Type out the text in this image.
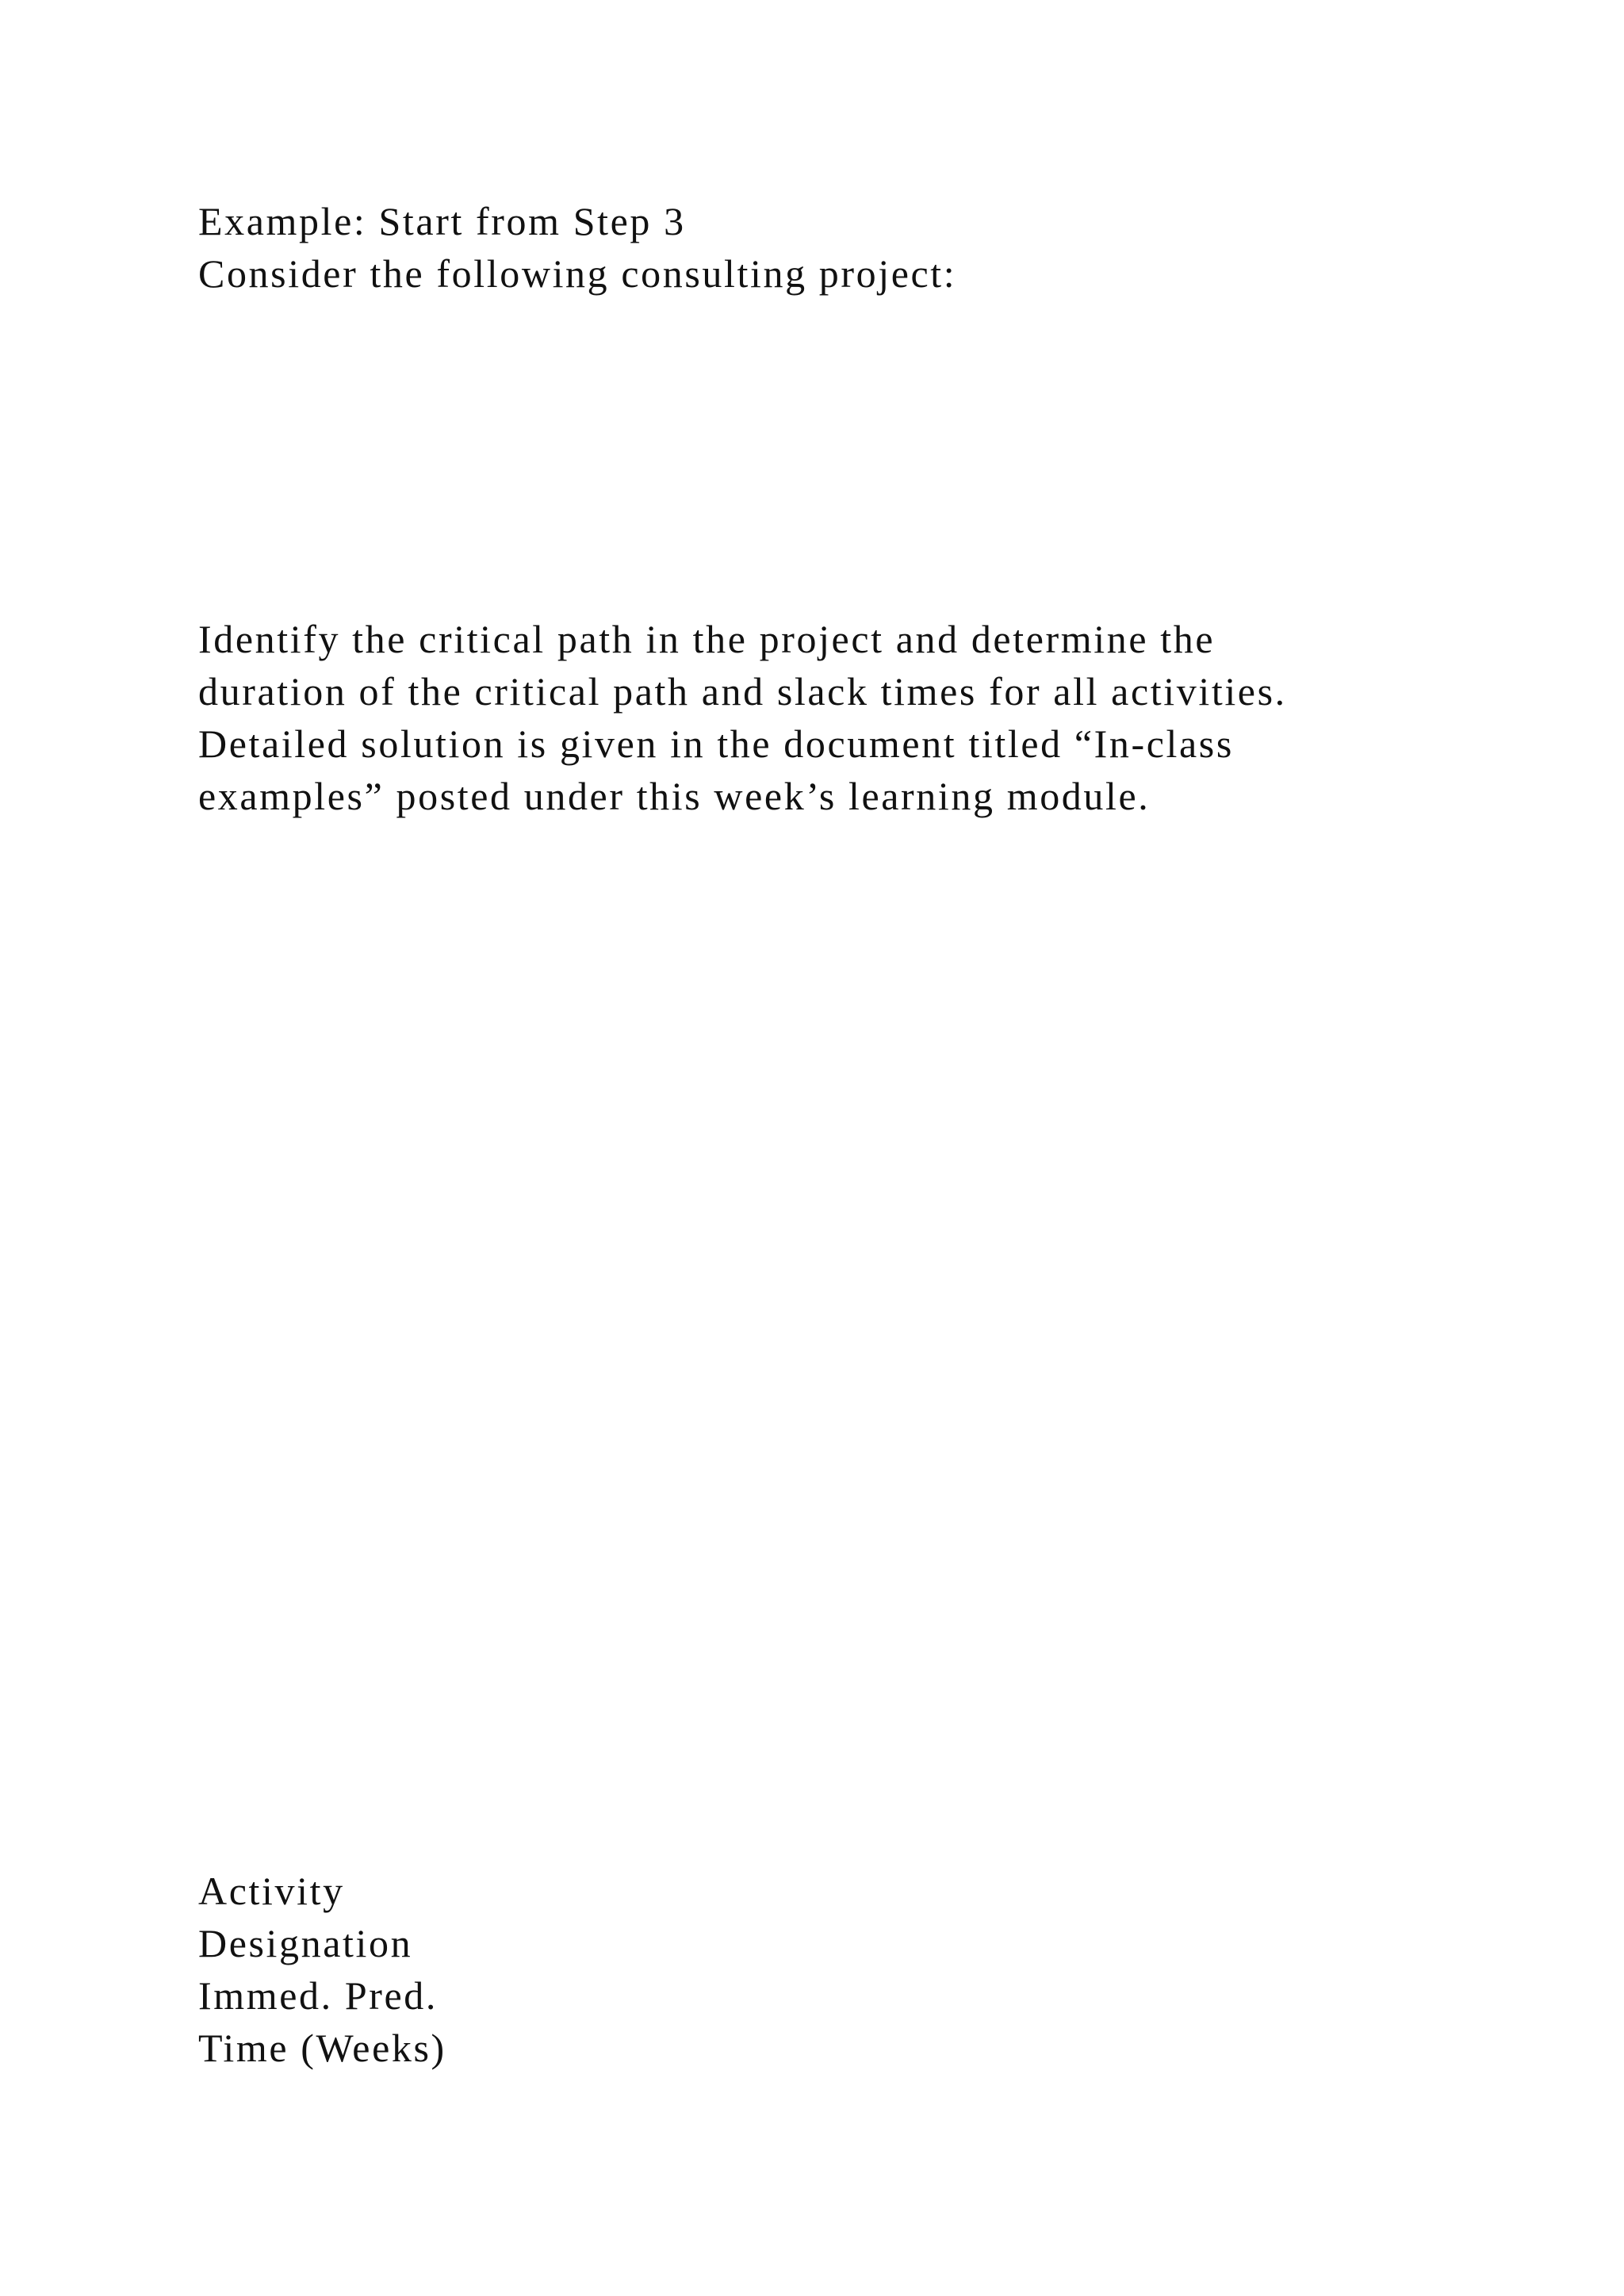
Example: Start from Step 3

Consider the following consulting project:

Identify the critical path in the project and determine the

duration of the critical path and slack times for all activities.

Detailed solution is given in the document titled “In-class

examples” posted under this week’s learning module.

Activity

Designation

Immed. Pred.

Time (Weeks)
